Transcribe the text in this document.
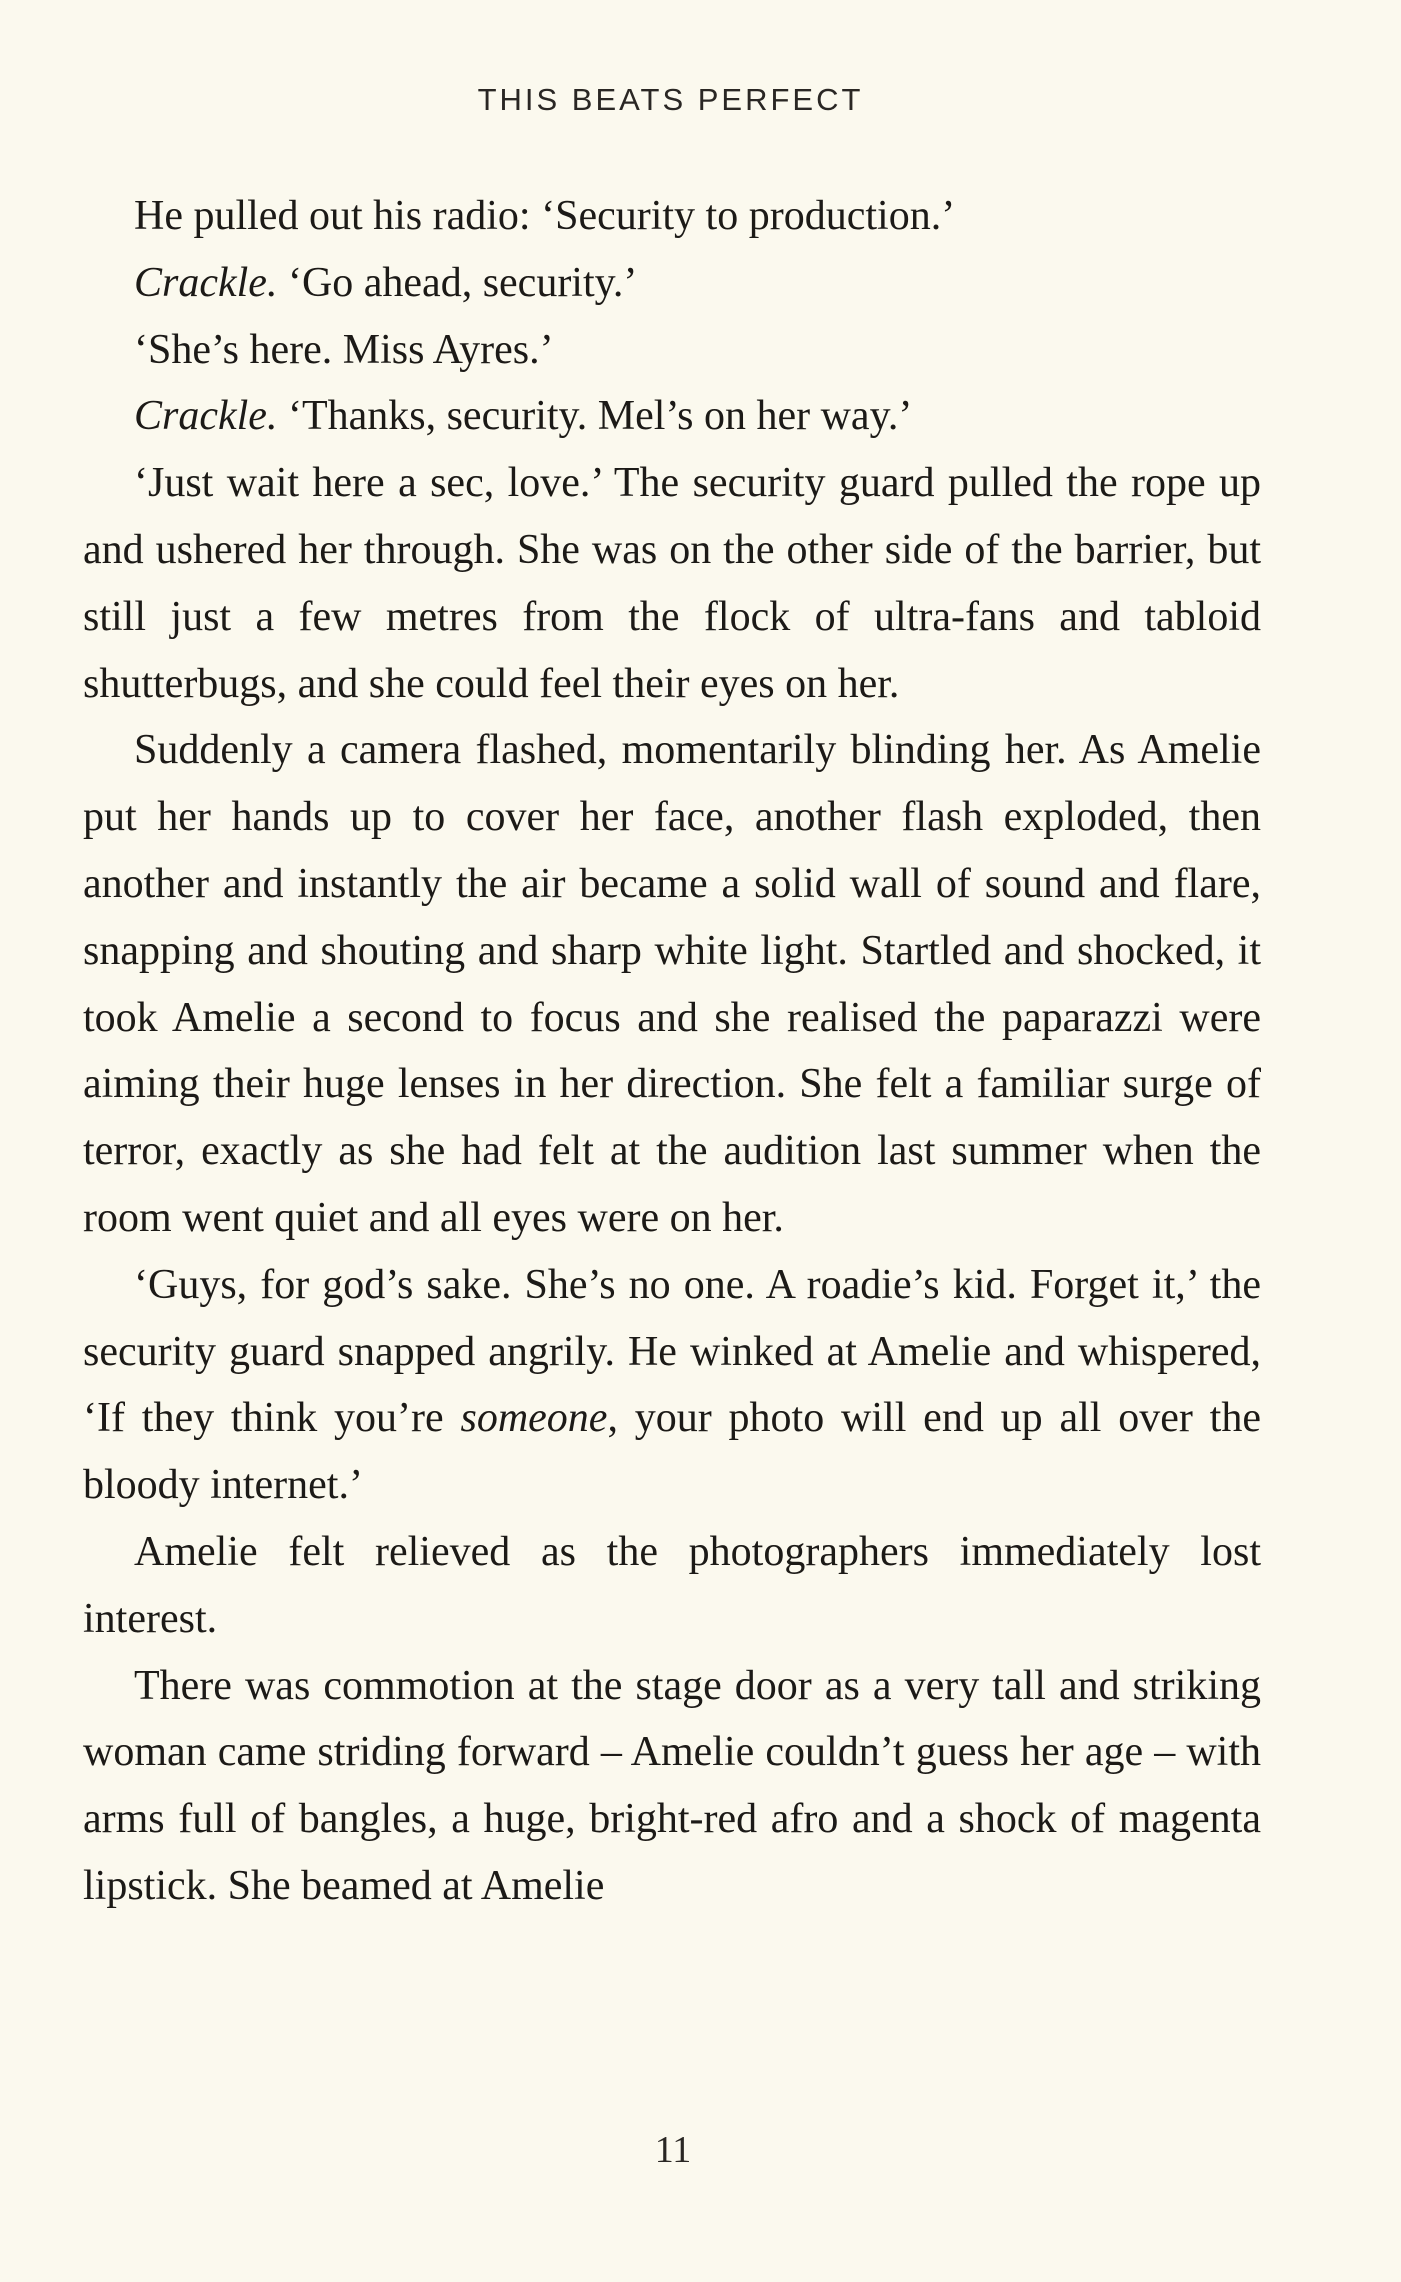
THIS BEATS PERFECT

He pulled out his radio: ‘Security to production.’

Crackle. ‘Go ahead, security.’

‘She’s here. Miss Ayres.’

Crackle. ‘Thanks, security. Mel’s on her way.’

‘Just wait here a sec, love.’ The security guard pulled the rope up and ushered her through. She was on the other side of the barrier, but still just a few metres from the flock of ultra-fans and tabloid shutterbugs, and she could feel their eyes on her.

Suddenly a camera flashed, momentarily blinding her. As Amelie put her hands up to cover her face, another flash exploded, then another and instantly the air became a solid wall of sound and flare, snapping and shouting and sharp white light. Startled and shocked, it took Amelie a second to focus and she realised the paparazzi were aiming their huge lenses in her direction. She felt a familiar surge of terror, exactly as she had felt at the audition last summer when the room went quiet and all eyes were on her.

‘Guys, for god’s sake. She’s no one. A roadie’s kid. Forget it,’ the security guard snapped angrily. He winked at Amelie and whispered, ‘If they think you’re someone, your photo will end up all over the bloody internet.’

Amelie felt relieved as the photographers immediately lost interest.

There was commotion at the stage door as a very tall and striking woman came striding forward – Amelie couldn’t guess her age – with arms full of bangles, a huge, bright-red afro and a shock of magenta lipstick. She beamed at Amelie

11
